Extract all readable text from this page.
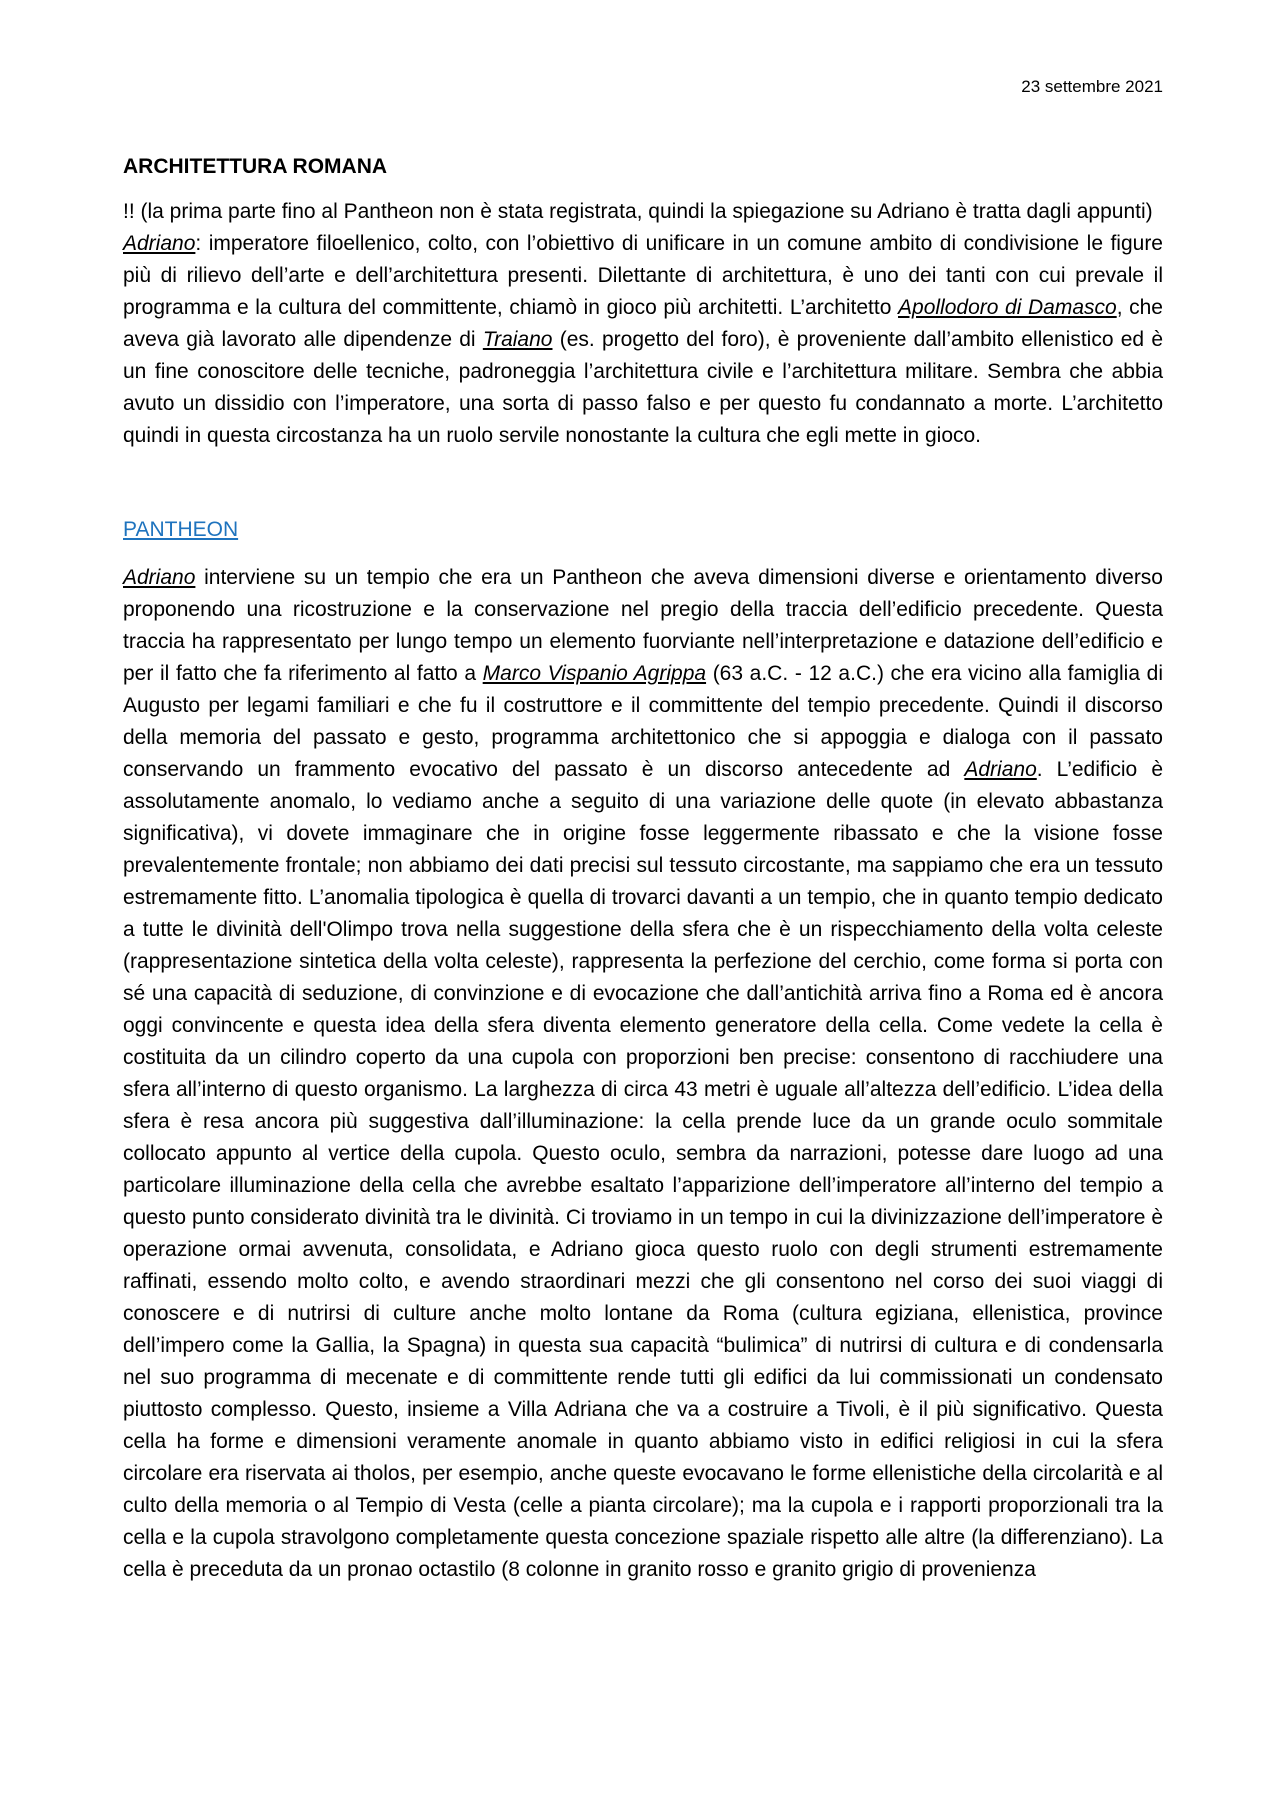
23 settembre 2021
ARCHITETTURA ROMANA

!! (la prima parte fino al Pantheon non è stata registrata, quindi la spiegazione su Adriano è tratta dagli appunti)

Adriano: imperatore filoellenico, colto, con l’obiettivo di unificare in un comune ambito di condivisione le figure più di rilievo dell’arte e dell’architettura presenti. Dilettante di architettura, è uno dei tanti con cui prevale il programma e la cultura del committente, chiamò in gioco più architetti. L’architetto Apollodoro di Damasco, che aveva già lavorato alle dipendenze di Traiano (es. progetto del foro), è proveniente dall’ambito ellenistico ed è un fine conoscitore delle tecniche, padroneggia l’architettura civile e l’architettura militare. Sembra che abbia avuto un dissidio con l’imperatore, una sorta di passo falso e per questo fu condannato a morte. L’architetto quindi in questa circostanza ha un ruolo servile nonostante la cultura che egli mette in gioco.

PANTHEON

Adriano interviene su un tempio che era un Pantheon che aveva dimensioni diverse e orientamento diverso proponendo una ricostruzione e la conservazione nel pregio della traccia dell’edificio precedente. Questa traccia ha rappresentato per lungo tempo un elemento fuorviante nell’interpretazione e datazione dell’edificio e per il fatto che fa riferimento al fatto a Marco Vispanio Agrippa (63 a.C. - 12 a.C.) che era vicino alla famiglia di Augusto per legami familiari e che fu il costruttore e il committente del tempio precedente. Quindi il discorso della memoria del passato e gesto, programma architettonico che si appoggia e dialoga con il passato conservando un frammento evocativo del passato è un discorso antecedente ad Adriano. L’edificio è assolutamente anomalo, lo vediamo anche a seguito di una variazione delle quote (in elevato abbastanza significativa), vi dovete immaginare che in origine fosse leggermente ribassato e che la visione fosse prevalentemente frontale; non abbiamo dei dati precisi sul tessuto circostante, ma sappiamo che era un tessuto estremamente fitto. L’anomalia tipologica è quella di trovarci davanti a un tempio, che in quanto tempio dedicato a tutte le divinità dell'Olimpo trova nella suggestione della sfera che è un rispecchiamento della volta celeste (rappresentazione sintetica della volta celeste), rappresenta la perfezione del cerchio, come forma si porta con sé una capacità di seduzione, di convinzione e di evocazione che dall’antichità arriva fino a Roma ed è ancora oggi convincente e questa idea della sfera diventa elemento generatore della cella. Come vedete la cella è costituita da un cilindro coperto da una cupola con proporzioni ben precise: consentono di racchiudere una sfera all’interno di questo organismo. La larghezza di circa 43 metri è uguale all’altezza dell’edificio. L’idea della sfera è resa ancora più suggestiva dall’illuminazione: la cella prende luce da un grande oculo sommitale collocato appunto al vertice della cupola. Questo oculo, sembra da narrazioni, potesse dare luogo ad una particolare illuminazione della cella che avrebbe esaltato l’apparizione dell’imperatore all’interno del tempio a questo punto considerato divinità tra le divinità. Ci troviamo in un tempo in cui la divinizzazione dell’imperatore è operazione ormai avvenuta, consolidata, e Adriano gioca questo ruolo con degli strumenti estremamente raffinati, essendo molto colto, e avendo straordinari mezzi che gli consentono nel corso dei suoi viaggi di conoscere e di nutrirsi di culture anche molto lontane da Roma (cultura egiziana, ellenistica, province dell’impero come la Gallia, la Spagna) in questa sua capacità “bulimica” di nutrirsi di cultura e di condensarla nel suo programma di mecenate e di committente rende tutti gli edifici da lui commissionati un condensato piuttosto complesso. Questo, insieme a Villa Adriana che va a costruire a Tivoli, è il più significativo. Questa cella ha forme e dimensioni veramente anomale in quanto abbiamo visto in edifici religiosi in cui la sfera circolare era riservata ai tholos, per esempio, anche queste evocavano le forme ellenistiche della circolarità e al culto della memoria o al Tempio di Vesta (celle a pianta circolare); ma la cupola e i rapporti proporzionali tra la cella e la cupola stravolgono completamente questa concezione spaziale rispetto alle altre (la differenziano). La cella è preceduta da un pronao octastilo (8 colonne in granito rosso e granito grigio di provenienza
